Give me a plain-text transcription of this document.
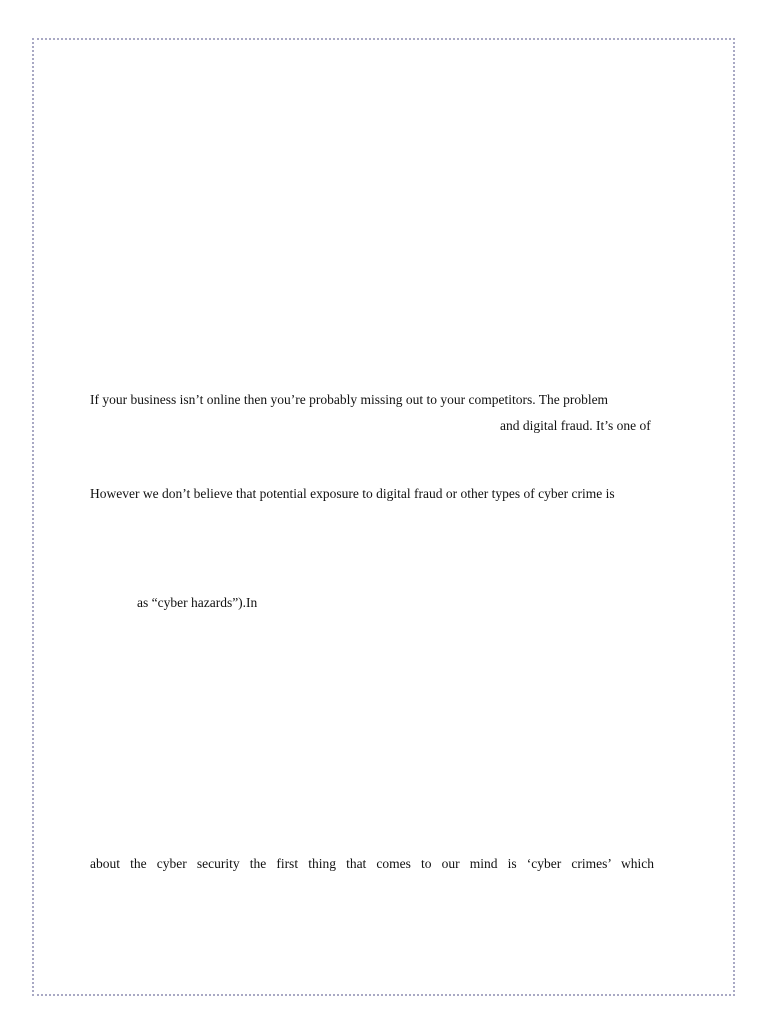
If your business isn’t online then you’re probably missing out to your competitors. The problem
and digital fraud. It’s one of
However we don’t believe that potential exposure to digital fraud or other types of cyber crime is
as “cyber hazards”).In
about the cyber security the first thing that comes to our mind is ‘cyber crimes’ which
